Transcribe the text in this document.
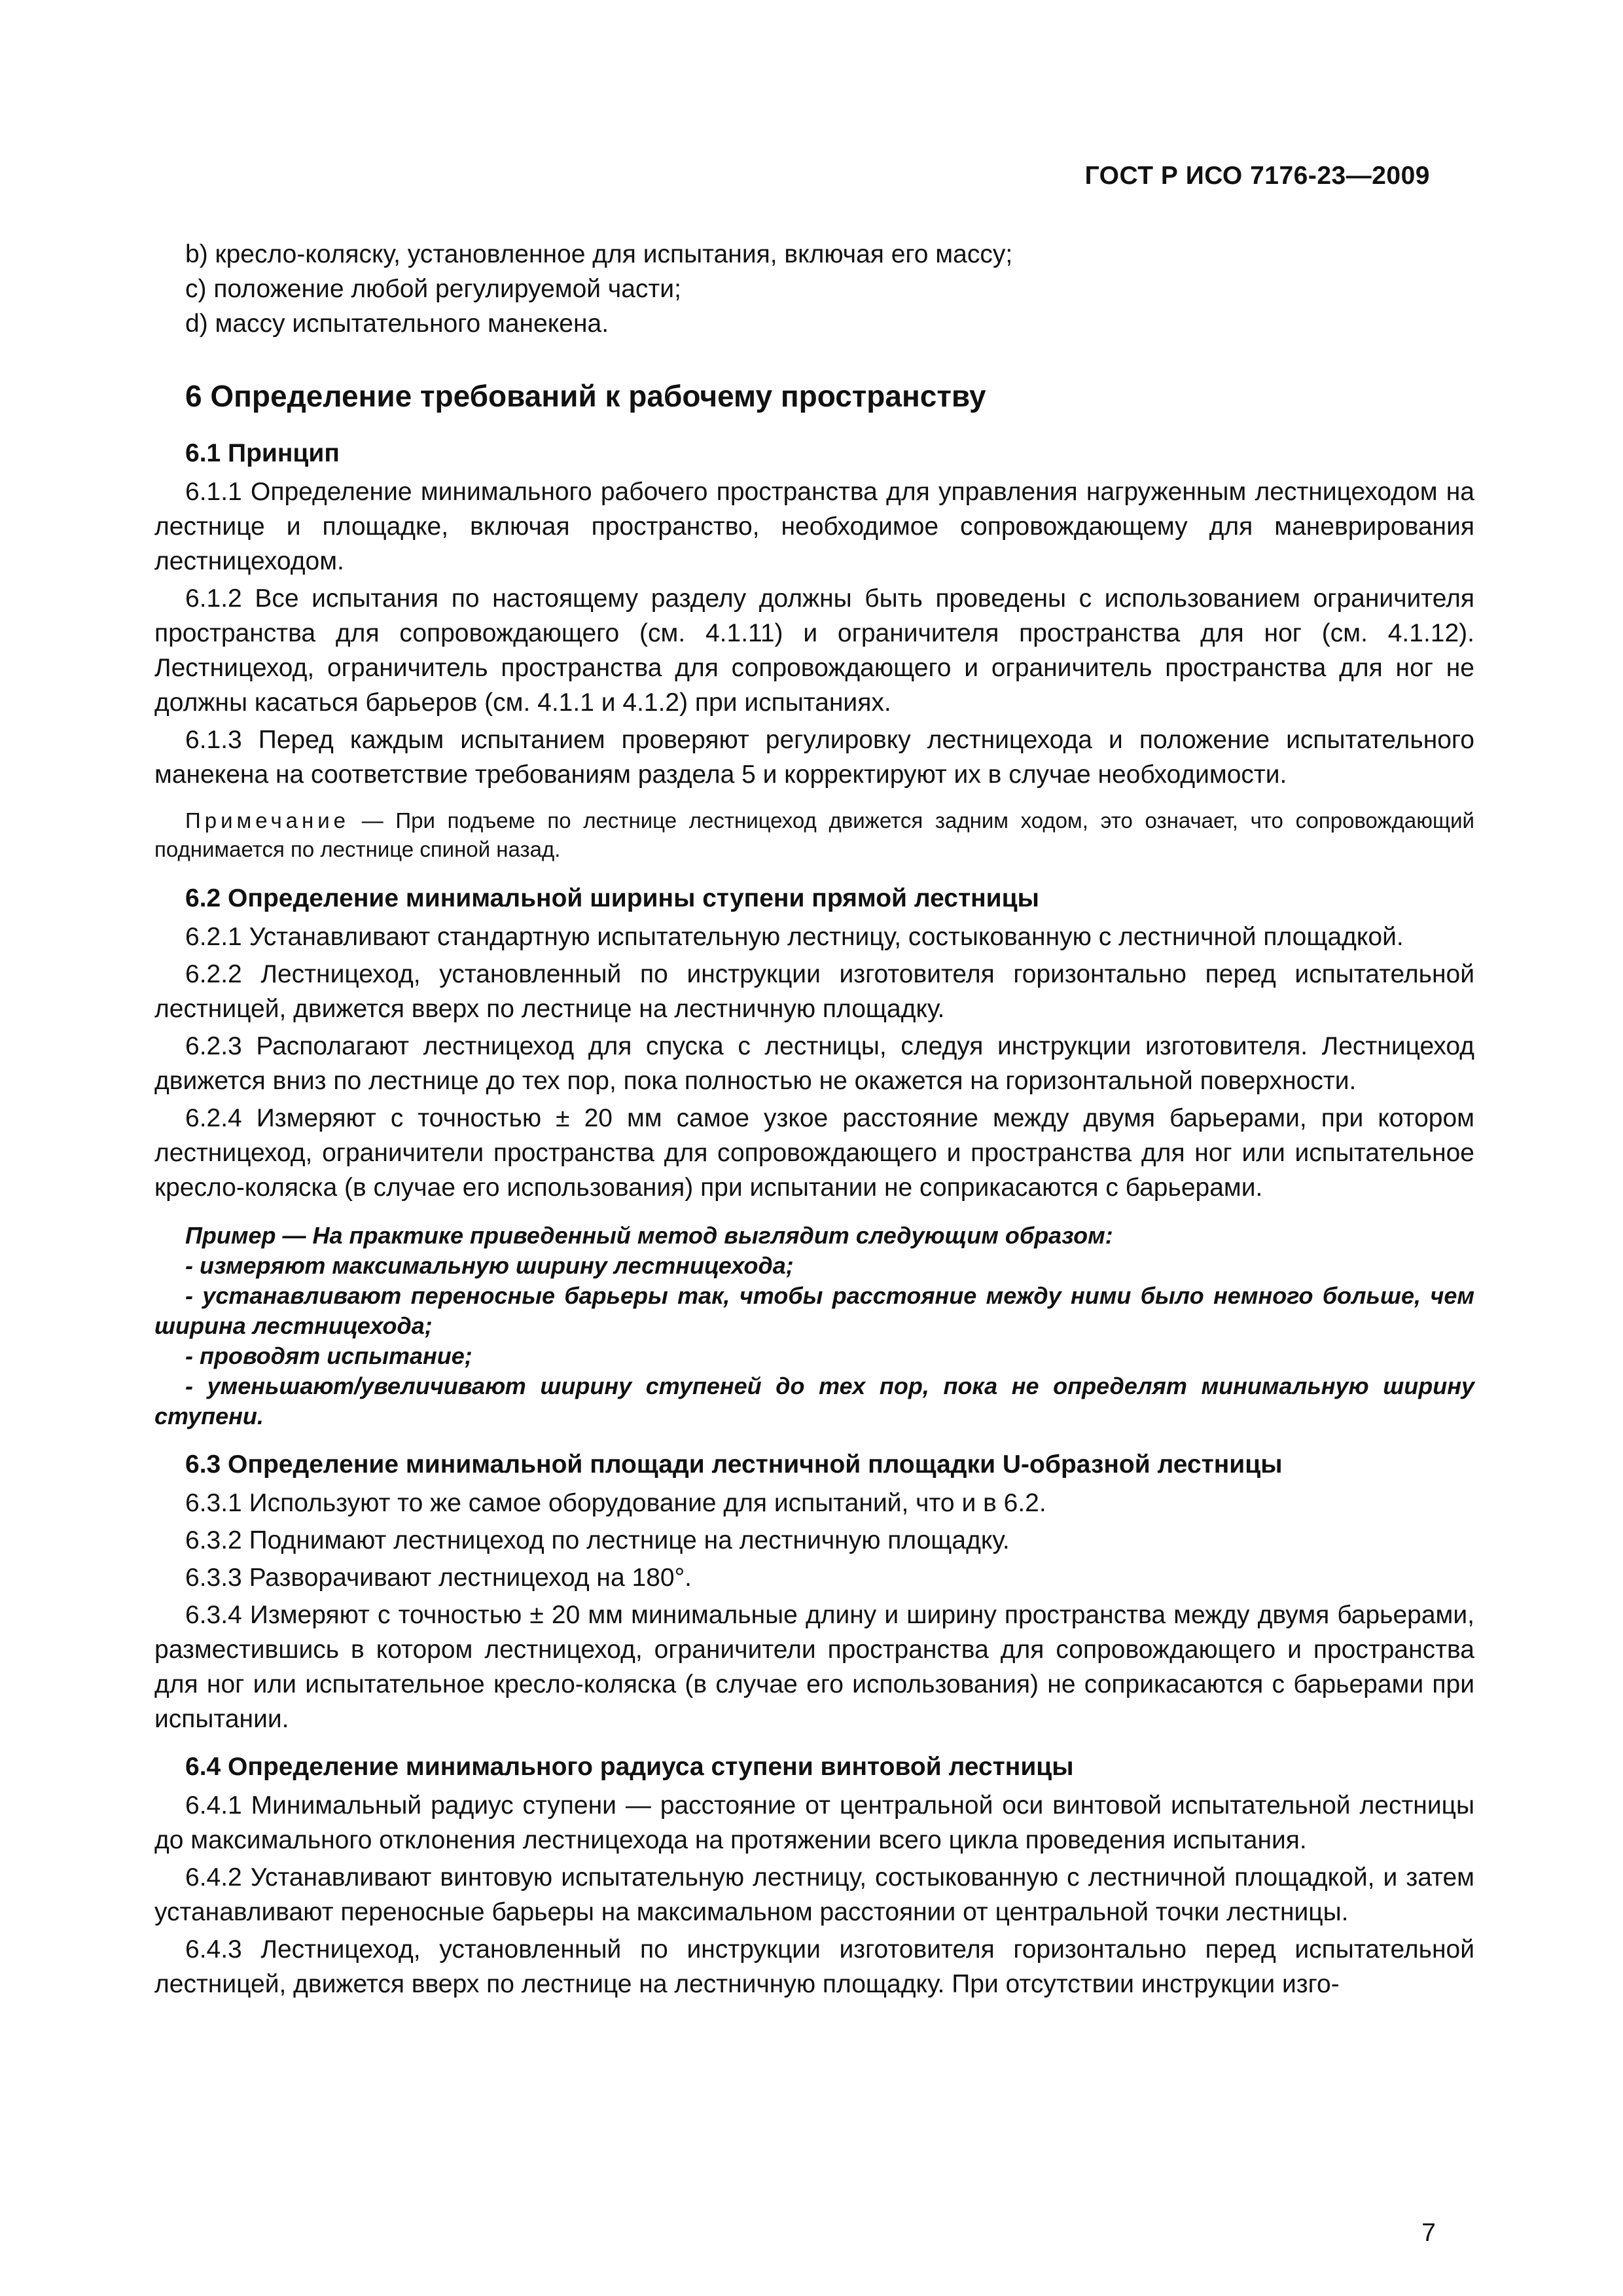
ГОСТ Р ИСО 7176-23—2009
b) кресло-коляску, установленное для испытания, включая его массу;
c) положение любой регулируемой части;
d) массу испытательного манекена.
6 Определение требований к рабочему пространству
6.1 Принцип

6.1.1 Определение минимального рабочего пространства для управления нагруженным лестницеходом на лестнице и площадке, включая пространство, необходимое сопровождающему для маневрирования лестницеходом.

6.1.2 Все испытания по настоящему разделу должны быть проведены с использованием ограничителя пространства для сопровождающего (см. 4.1.11) и ограничителя пространства для ног (см. 4.1.12). Лестницеход, ограничитель пространства для сопровождающего и ограничитель пространства для ног не должны касаться барьеров (см. 4.1.1 и 4.1.2) при испытаниях.

6.1.3 Перед каждым испытанием проверяют регулировку лестницехода и положение испытательного манекена на соответствие требованиям раздела 5 и корректируют их в случае необходимости.

Примечание — При подъеме по лестнице лестницеход движется задним ходом, это означает, что сопровождающий поднимается по лестнице спиной назад.

6.2 Определение минимальной ширины ступени прямой лестницы

6.2.1 Устанавливают стандартную испытательную лестницу, состыкованную с лестничной площадкой.

6.2.2 Лестницеход, установленный по инструкции изготовителя горизонтально перед испытательной лестницей, движется вверх по лестнице на лестничную площадку.

6.2.3 Располагают лестницеход для спуска с лестницы, следуя инструкции изготовителя. Лестницеход движется вниз по лестнице до тех пор, пока полностью не окажется на горизонтальной поверхности.

6.2.4 Измеряют с точностью ± 20 мм самое узкое расстояние между двумя барьерами, при котором лестницеход, ограничители пространства для сопровождающего и пространства для ног или испытательное кресло-коляска (в случае его использования) при испытании не соприкасаются с барьерами.

Пример — На практике приведенный метод выглядит следующим образом:
- измеряют максимальную ширину лестницехода;
- устанавливают переносные барьеры так, чтобы расстояние между ними было немного больше, чем ширина лестницехода;
- проводят испытание;
- уменьшают/увеличивают ширину ступеней до тех пор, пока не определят минимальную ширину ступени.
6.3 Определение минимальной площади лестничной площадки U-образной лестницы

6.3.1 Используют то же самое оборудование для испытаний, что и в 6.2.

6.3.2 Поднимают лестницеход по лестнице на лестничную площадку.

6.3.3 Разворачивают лестницеход на 180°.

6.3.4 Измеряют с точностью ± 20 мм минимальные длину и ширину пространства между двумя барьерами, разместившись в котором лестницеход, ограничители пространства для сопровождающего и пространства для ног или испытательное кресло-коляска (в случае его использования) не соприкасаются с барьерами при испытании.

6.4 Определение минимального радиуса ступени винтовой лестницы

6.4.1 Минимальный радиус ступени — расстояние от центральной оси винтовой испытательной лестницы до максимального отклонения лестницехода на протяжении всего цикла проведения испытания.

6.4.2 Устанавливают винтовую испытательную лестницу, состыкованную с лестничной площадкой, и затем устанавливают переносные барьеры на максимальном расстоянии от центральной точки лестницы.

6.4.3 Лестницеход, установленный по инструкции изготовителя горизонтально перед испытательной лестницей, движется вверх по лестнице на лестничную площадку. При отсутствии инструкции изго-

7
